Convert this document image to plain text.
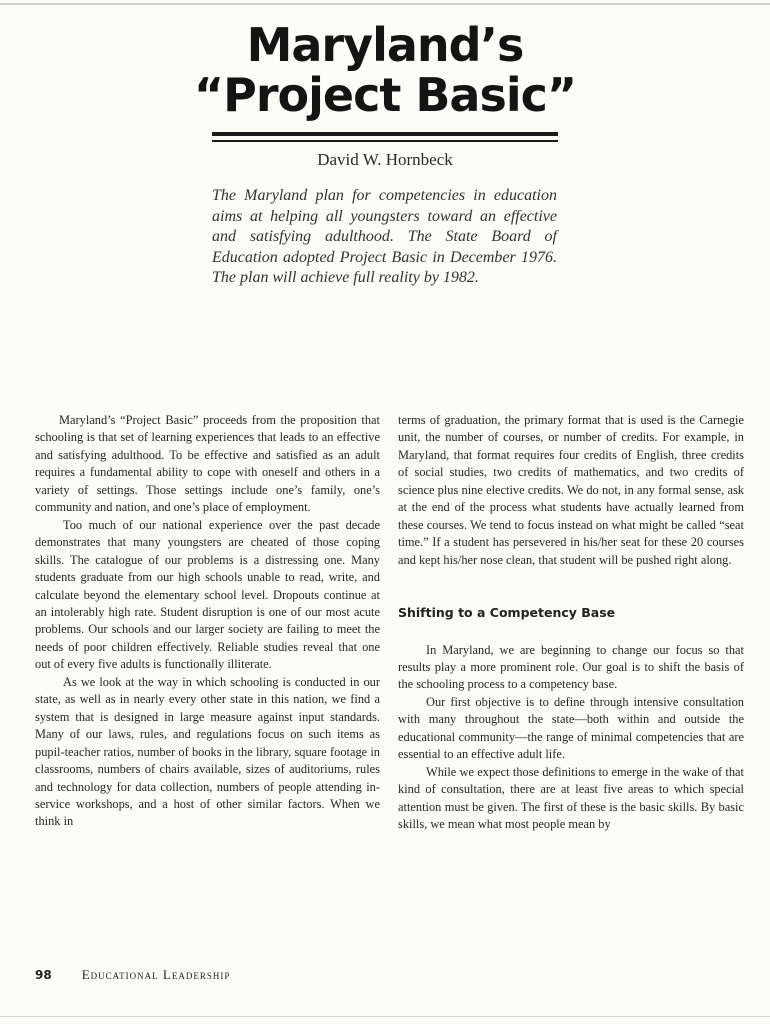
Maryland’s
“Project Basic”
David W. Hornbeck
The Maryland plan for competencies in education aims at helping all youngsters toward an effective and satisfying adulthood. The State Board of Education adopted Project Basic in December 1976. The plan will achieve full reality by 1982.

Maryland’s “Project Basic” proceeds from the proposition that schooling is that set of learning experiences that leads to an effective and satisfying adulthood. To be effective and satisfied as an adult requires a fundamental ability to cope with oneself and others in a variety of settings. Those settings include one’s family, one’s community and nation, and one’s place of employment.

Too much of our national experience over the past decade demonstrates that many youngsters are cheated of those coping skills. The catalogue of our problems is a distressing one. Many students graduate from our high schools unable to read, write, and calculate beyond the elementary school level. Dropouts continue at an intolerably high rate. Student disruption is one of our most acute problems. Our schools and our larger society are failing to meet the needs of poor children effectively. Reliable studies reveal that one out of every five adults is functionally illiterate.

As we look at the way in which schooling is conducted in our state, as well as in nearly every other state in this nation, we find a system that is designed in large measure against input standards. Many of our laws, rules, and regulations focus on such items as pupil-teacher ratios, number of books in the library, square footage in classrooms, numbers of chairs available, sizes of auditoriums, rules and technology for data collection, numbers of people attending in-service workshops, and a host of other similar factors. When we think in

terms of graduation, the primary format that is used is the Carnegie unit, the number of courses, or number of credits. For example, in Maryland, that format requires four credits of English, three credits of social studies, two credits of mathematics, and two credits of science plus nine elective credits. We do not, in any formal sense, ask at the end of the process what students have actually learned from these courses. We tend to focus instead on what might be called “seat time.” If a student has persevered in his/her seat for these 20 courses and kept his/her nose clean, that student will be pushed right along.

Shifting to a Competency Base

In Maryland, we are beginning to change our focus so that results play a more prominent role. Our goal is to shift the basis of the schooling process to a competency base.

Our first objective is to define through intensive consultation with many throughout the state—both within and outside the educational community—the range of minimal competencies that are essential to an effective adult life.

While we expect those definitions to emerge in the wake of that kind of consultation, there are at least five areas to which special attention must be given. The first of these is the basic skills. By basic skills, we mean what most people mean by

98 Educational Leadership
